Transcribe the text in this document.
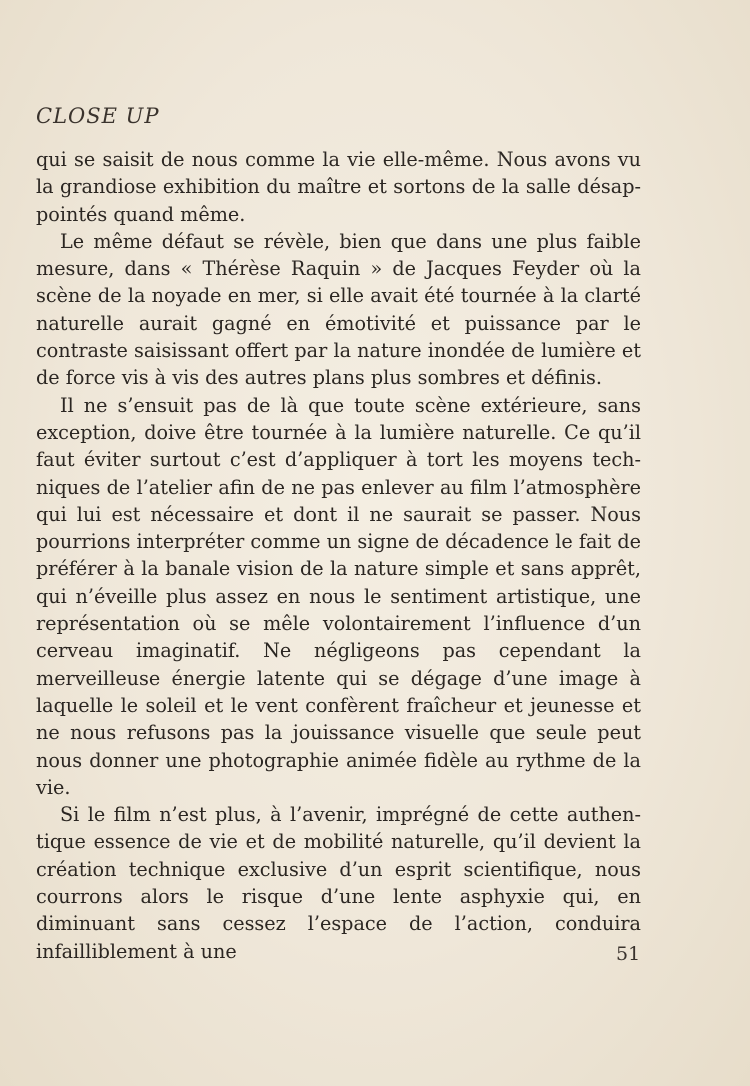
CLOSE UP

qui se saisit de nous comme la vie elle-même. Nous avons vu la grandiose exhibition du maître et sortons de la salle désappointés quand même.

Le même défaut se révèle, bien que dans une plus faible mesure, dans « Thérèse Raquin » de Jacques Feyder où la scène de la noyade en mer, si elle avait été tournée à la clarté naturelle aurait gagné en émotivité et puissance par le contraste saisissant offert par la nature inondée de lumière et de force vis à vis des autres plans plus sombres et définis.

Il ne s’ensuit pas de là que toute scène extérieure, sans exception, doive être tournée à la lumière naturelle. Ce qu’il faut éviter surtout c’est d’appliquer à tort les moyens techniques de l’atelier afin de ne pas enlever au film l’atmosphère qui lui est nécessaire et dont il ne saurait se passer. Nous pourrions interpréter comme un signe de décadence le fait de préférer à la banale vision de la nature simple et sans apprêt, qui n’éveille plus assez en nous le sentiment artistique, une représentation où se mêle volontairement l’influence d’un cerveau imaginatif. Ne négligeons pas cependant la merveilleuse énergie latente qui se dégage d’une image à laquelle le soleil et le vent confèrent fraîcheur et jeunesse et ne nous refusons pas la jouissance visuelle que seule peut nous donner une photographie animée fidèle au rythme de la vie.

Si le film n’est plus, à l’avenir, imprégné de cette authentique essence de vie et de mobilité naturelle, qu’il devient la création technique exclusive d’un esprit scientifique, nous courrons alors le risque d’une lente asphyxie qui, en diminuant sans cessez l’espace de l’action, conduira infailliblement à une	51
